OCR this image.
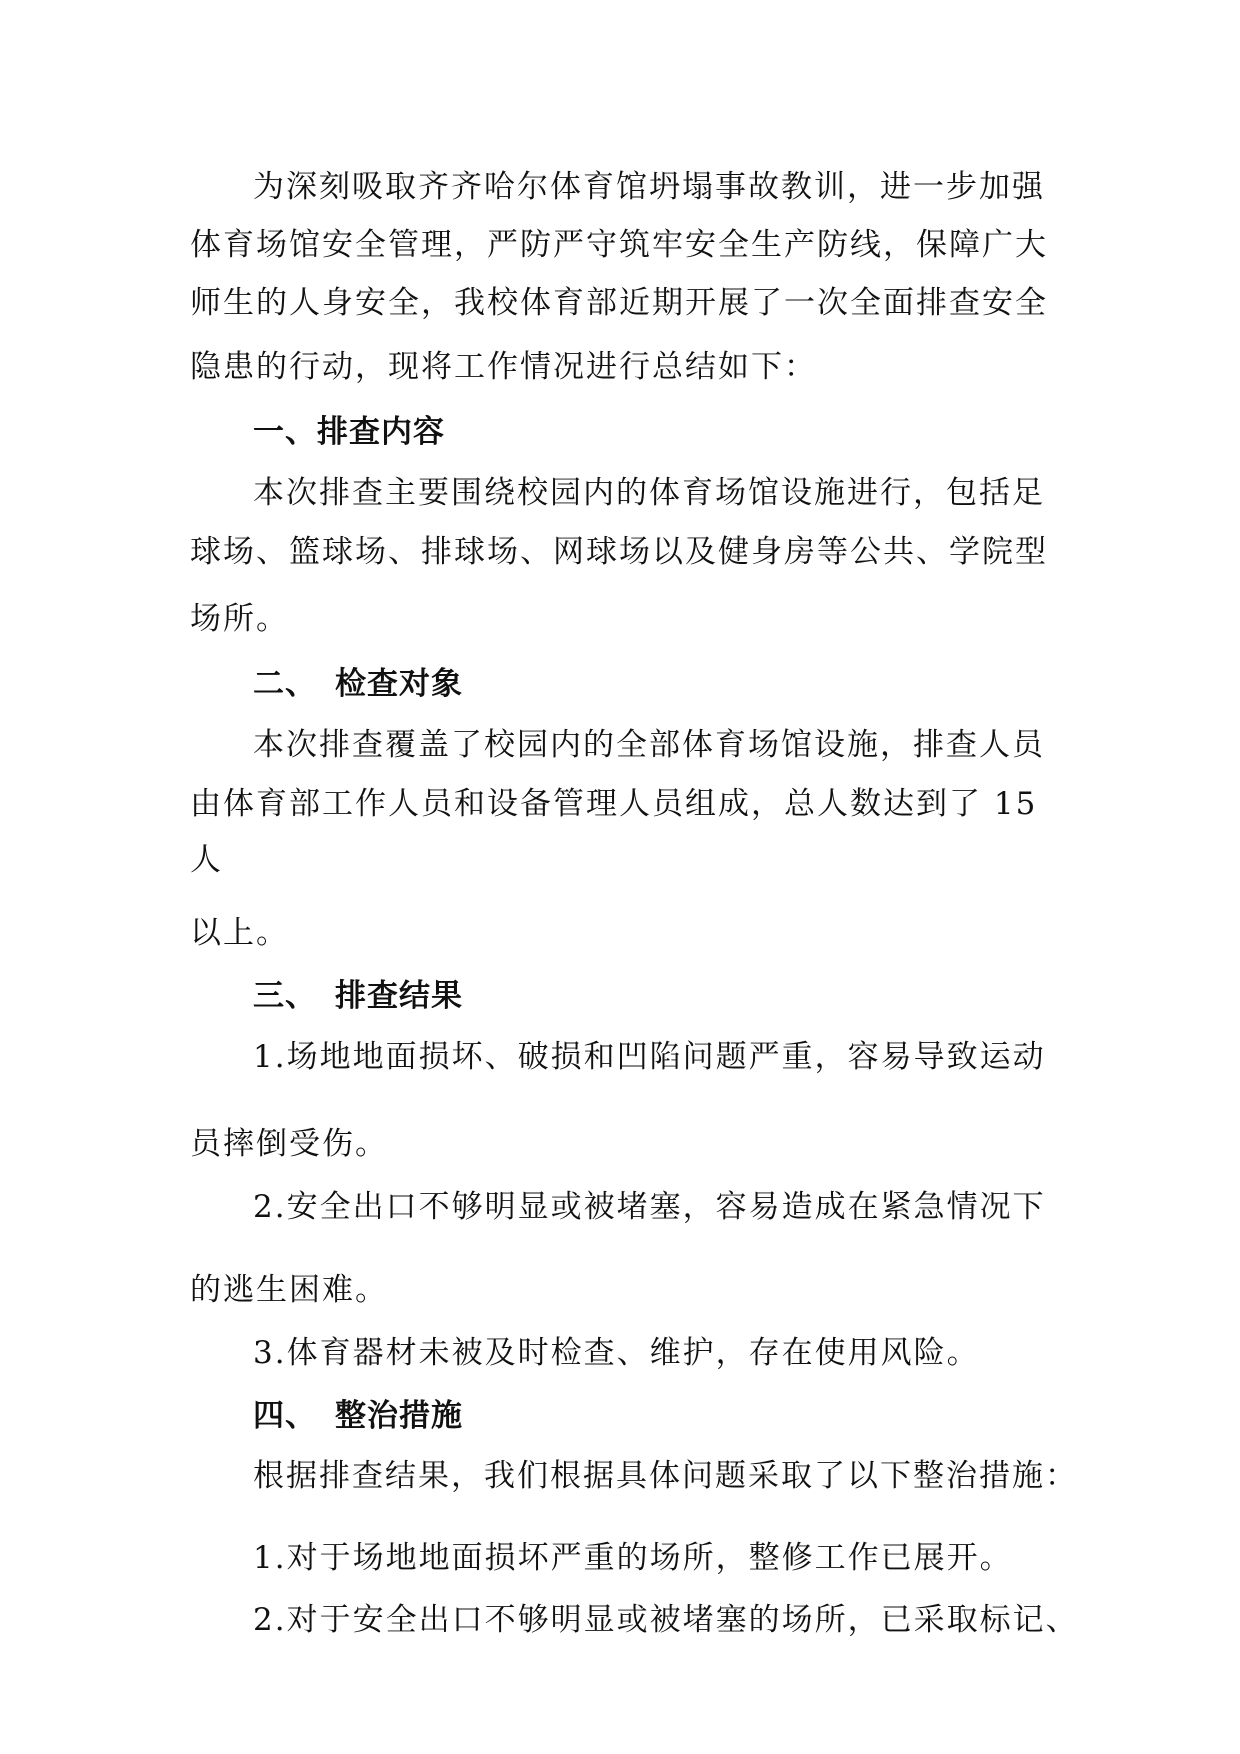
为深刻吸取齐齐哈尔体育馆坍塌事故教训，进一步加强

体育场馆安全管理，严防严守筑牢安全生产防线，保障广大

师生的人身安全，我校体育部近期开展了一次全面排查安全

隐患的行动，现将工作情况进行总结如下：

一、排查内容

本次排查主要围绕校园内的体育场馆设施进行，包括足

球场、篮球场、排球场、网球场以及健身房等公共、学院型

场所。

二、 检查对象

本次排查覆盖了校园内的全部体育场馆设施，排查人员

由体育部工作人员和设备管理人员组成，总人数达到了 15

人

以上。

三、 排查结果

1.场地地面损坏、破损和凹陷问题严重，容易导致运动

员摔倒受伤。

2.安全出口不够明显或被堵塞，容易造成在紧急情况下

的逃生困难。

3.体育器材未被及时检查、维护，存在使用风险。

四、 整治措施

根据排查结果，我们根据具体问题采取了以下整治措施：

1.对于场地地面损坏严重的场所，整修工作已展开。

2.对于安全出口不够明显或被堵塞的场所，已采取标记、
